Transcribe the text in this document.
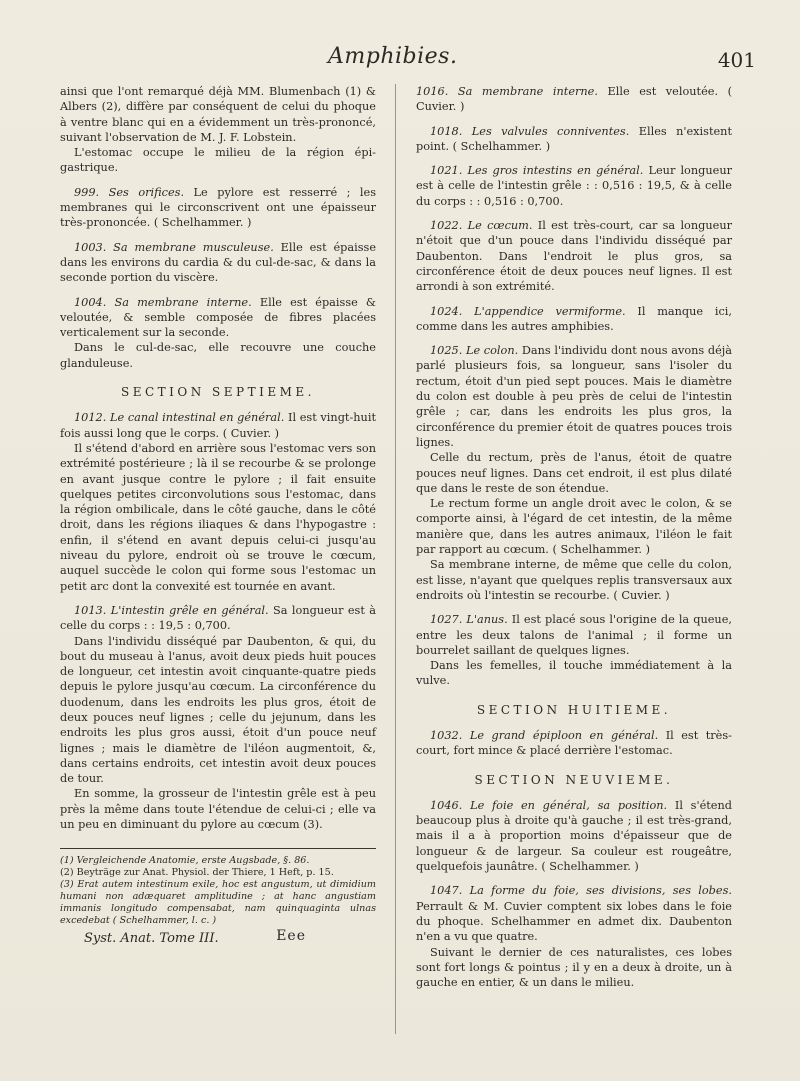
Amphibies.	401

ainsi que l'ont remarqué déjà MM. Blumenbach (1) & Albers (2), diffère par conséquent de celui du phoque à ventre blanc qui en a évidemment un très-prononcé, suivant l'observation de M. J. F. Lobstein.

L'estomac occupe le milieu de la région épi-gastrique.

999. Ses orifices. Le pylore est resserré ; les membranes qui le circonscrivent ont une épaisseur très-prononcée. ( Schelhammer. )

1003. Sa membrane musculeuse. Elle est épaisse dans les environs du cardia & du cul-de-sac, & dans la seconde portion du viscère.

1004. Sa membrane interne. Elle est épaisse & veloutée, & semble composée de fibres placées verticalement sur la seconde.

Dans le cul-de-sac, elle recouvre une couche glanduleuse.

SECTION SEPTIEME.

1012. Le canal intestinal en général. Il est vingt-huit fois aussi long que le corps. ( Cuvier. )

Il s'étend d'abord en arrière sous l'estomac vers son extrémité postérieure ; là il se recourbe & se prolonge en avant jusque contre le pylore ; il fait ensuite quelques petites circonvolutions sous l'estomac, dans la région ombilicale, dans le côté gauche, dans le côté droit, dans les régions iliaques & dans l'hypogastre : enfin, il s'étend en avant depuis celui-ci jusqu'au niveau du pylore, endroit où se trouve le cœcum, auquel succède le colon qui forme sous l'estomac un petit arc dont la convexité est tournée en avant.

1013. L'intestin grêle en général. Sa longueur est à celle du corps : : 19,5 : 0,700.

Dans l'individu disséqué par Daubenton, & qui, du bout du museau à l'anus, avoit deux pieds huit pouces de longueur, cet intestin avoit cinquante-quatre pieds depuis le pylore jusqu'au cœcum. La circonférence du duodenum, dans les endroits les plus gros, étoit de deux pouces neuf lignes ; celle du jejunum, dans les endroits les plus gros aussi, étoit d'un pouce neuf lignes ; mais le diamètre de l'iléon augmentoit, &, dans certains endroits, cet intestin avoit deux pouces de tour.

En somme, la grosseur de l'intestin grêle est à peu près la même dans toute l'étendue de celui-ci ; elle va un peu en diminuant du pylore au cœcum (3).

(1) Vergleichende Anatomie, erste Augsbade, §. 86.

(2) Beyträge zur Anat. Physiol. der Thiere, 1 Heft, p. 15.

(3) Erat autem intestinum exile, hoc est angustum, ut dimidium humani non adæquaret amplitudine ; at hanc angustiam immanis longitudo compensabat, nam quinquaginta ulnas excedebat ( Schelhammer, l. c. )

Syst. Anat. Tome III.	Eee

1016. Sa membrane interne. Elle est veloutée. ( Cuvier. )

1018. Les valvules conniventes. Elles n'existent point. ( Schelhammer. )

1021. Les gros intestins en général. Leur longueur est à celle de l'intestin grêle : : 0,516 : 19,5, & à celle du corps : : 0,516 : 0,700.

1022. Le cœcum. Il est très-court, car sa longueur n'étoit que d'un pouce dans l'individu disséqué par Daubenton. Dans l'endroit le plus gros, sa circonférence étoit de deux pouces neuf lignes. Il est arrondi à son extrémité.

1024. L'appendice vermiforme. Il manque ici, comme dans les autres amphibies.

1025. Le colon. Dans l'individu dont nous avons déjà parlé plusieurs fois, sa longueur, sans l'isoler du rectum, étoit d'un pied sept pouces. Mais le diamètre du colon est double à peu près de celui de l'intestin grêle ; car, dans les endroits les plus gros, la circonférence du premier étoit de quatres pouces trois lignes.

Celle du rectum, près de l'anus, étoit de quatre pouces neuf lignes. Dans cet endroit, il est plus dilaté que dans le reste de son étendue.

Le rectum forme un angle droit avec le colon, & se comporte ainsi, à l'égard de cet intestin, de la même manière que, dans les autres animaux, l'iléon le fait par rapport au cœcum. ( Schelhammer. )

Sa membrane interne, de même que celle du colon, est lisse, n'ayant que quelques replis transversaux aux endroits où l'intestin se recourbe. ( Cuvier. )

1027. L'anus. Il est placé sous l'origine de la queue, entre les deux talons de l'animal ; il forme un bourrelet saillant de quelques lignes.

Dans les femelles, il touche immédiatement à la vulve.

SECTION HUITIEME.

1032. Le grand épiploon en général. Il est très-court, fort mince & placé derrière l'estomac.

SECTION NEUVIEME.

1046. Le foie en général, sa position. Il s'étend beaucoup plus à droite qu'à gauche ; il est très-grand, mais il a à proportion moins d'épaisseur que de longueur & de largeur. Sa couleur est rougeâtre, quelquefois jaunâtre. ( Schelhammer. )

1047. La forme du foie, ses divisions, ses lobes. Perrault & M. Cuvier comptent six lobes dans le foie du phoque. Schelhammer en admet dix. Daubenton n'en a vu que quatre.

Suivant le dernier de ces naturalistes, ces lobes sont fort longs & pointus ; il y en a deux à droite, un à gauche en entier, & un dans le milieu.
